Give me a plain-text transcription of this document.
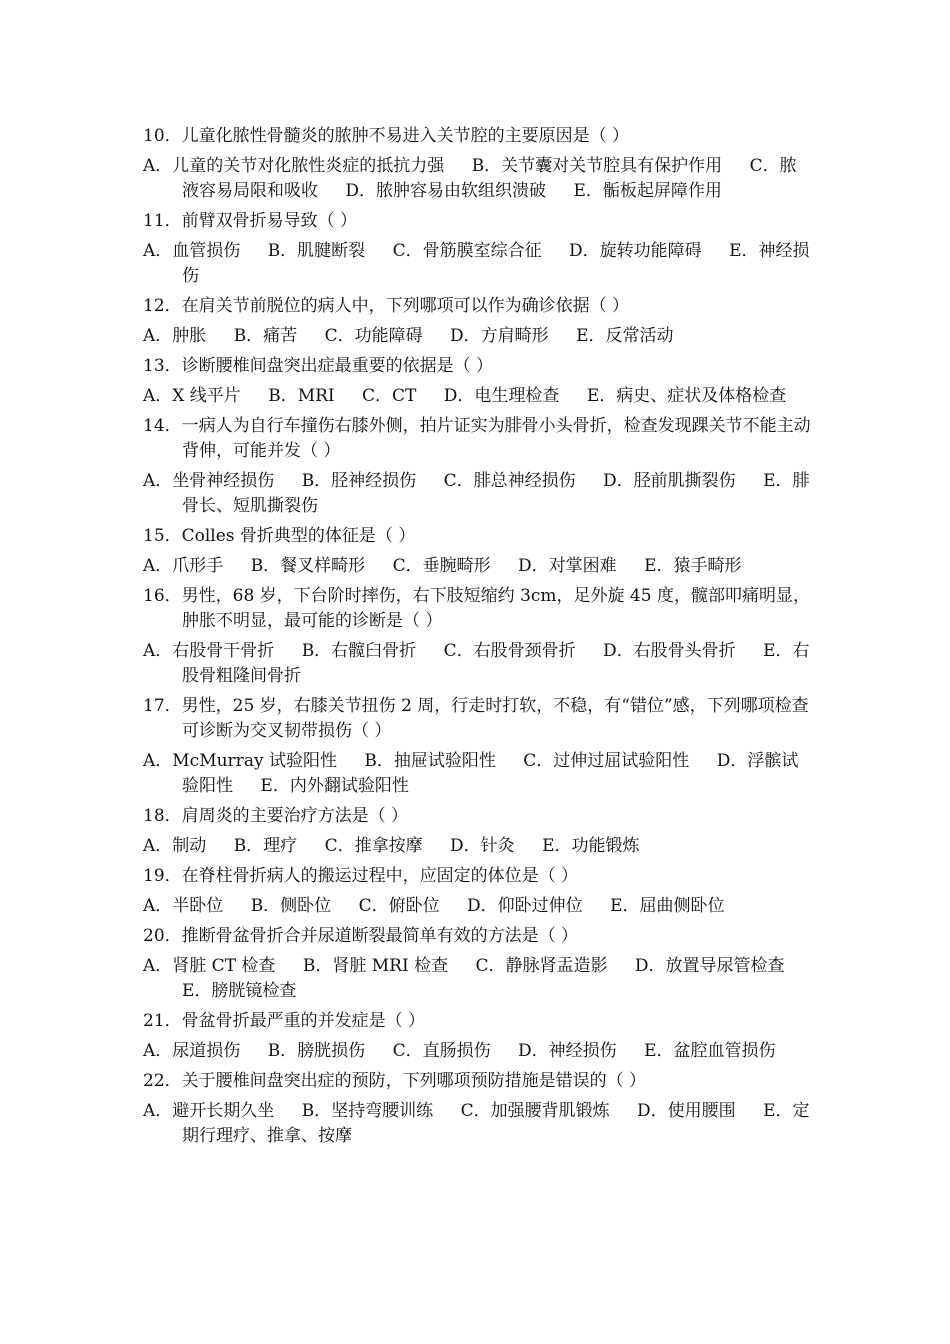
10．儿童化脓性骨髓炎的脓肿不易进入关节腔的主要原因是（ ）
A．儿童的关节对化脓性炎症的抵抗力强 B．关节囊对关节腔具有保护作用 C．脓液容易局限和吸收 D．脓肿容易由软组织溃破 E．骺板起屏障作用
11．前臂双骨折易导致（ ）
A．血管损伤 B．肌腱断裂 C．骨筋膜室综合征 D．旋转功能障碍 E．神经损伤
12．在肩关节前脱位的病人中，下列哪项可以作为确诊依据（ ）
A．肿胀 B．痛苦 C．功能障碍 D．方肩畸形 E．反常活动
13．诊断腰椎间盘突出症最重要的依据是（ ）
A．X 线平片 B．MRI C．CT D．电生理检查 E．病史、症状及体格检查
14．一病人为自行车撞伤右膝外侧，拍片证实为腓骨小头骨折，检查发现踝关节不能主动背伸，可能并发（ ）
A．坐骨神经损伤 B．胫神经损伤 C．腓总神经损伤 D．胫前肌撕裂伤 E．腓骨长、短肌撕裂伤
15．Colles 骨折典型的体征是（ ）
A．爪形手 B．餐叉样畸形 C．垂腕畸形 D．对掌困难 E．猿手畸形
16．男性，68 岁，下台阶时摔伤，右下肢短缩约 3cm，足外旋 45 度，髋部叩痛明显，肿胀不明显，最可能的诊断是（ ）
A．右股骨干骨折 B．右髋臼骨折 C．右股骨颈骨折 D．右股骨头骨折 E．右股骨粗隆间骨折
17．男性，25 岁，右膝关节扭伤 2 周，行走时打软，不稳，有“错位”感，下列哪项检查可诊断为交叉韧带损伤（ ）
A．McMurray 试验阳性 B．抽屉试验阳性 C．过伸过屈试验阳性 D．浮髌试验阳性 E．内外翻试验阳性
18．肩周炎的主要治疗方法是（ ）
A．制动 B．理疗 C．推拿按摩 D．针灸 E．功能锻炼
19．在脊柱骨折病人的搬运过程中，应固定的体位是（ ）
A．半卧位 B．侧卧位 C．俯卧位 D．仰卧过伸位 E．屈曲侧卧位
20．推断骨盆骨折合并尿道断裂最简单有效的方法是（ ）
A．肾脏 CT 检查 B．肾脏 MRI 检查 C．静脉肾盂造影 D．放置导尿管检查 E．膀胱镜检查
21．骨盆骨折最严重的并发症是（ ）
A．尿道损伤 B．膀胱损伤 C．直肠损伤 D．神经损伤 E．盆腔血管损伤
22．关于腰椎间盘突出症的预防，下列哪项预防措施是错误的（ ）
A．避开长期久坐 B．坚持弯腰训练 C．加强腰背肌锻炼 D．使用腰围 E．定期行理疗、推拿、按摩
